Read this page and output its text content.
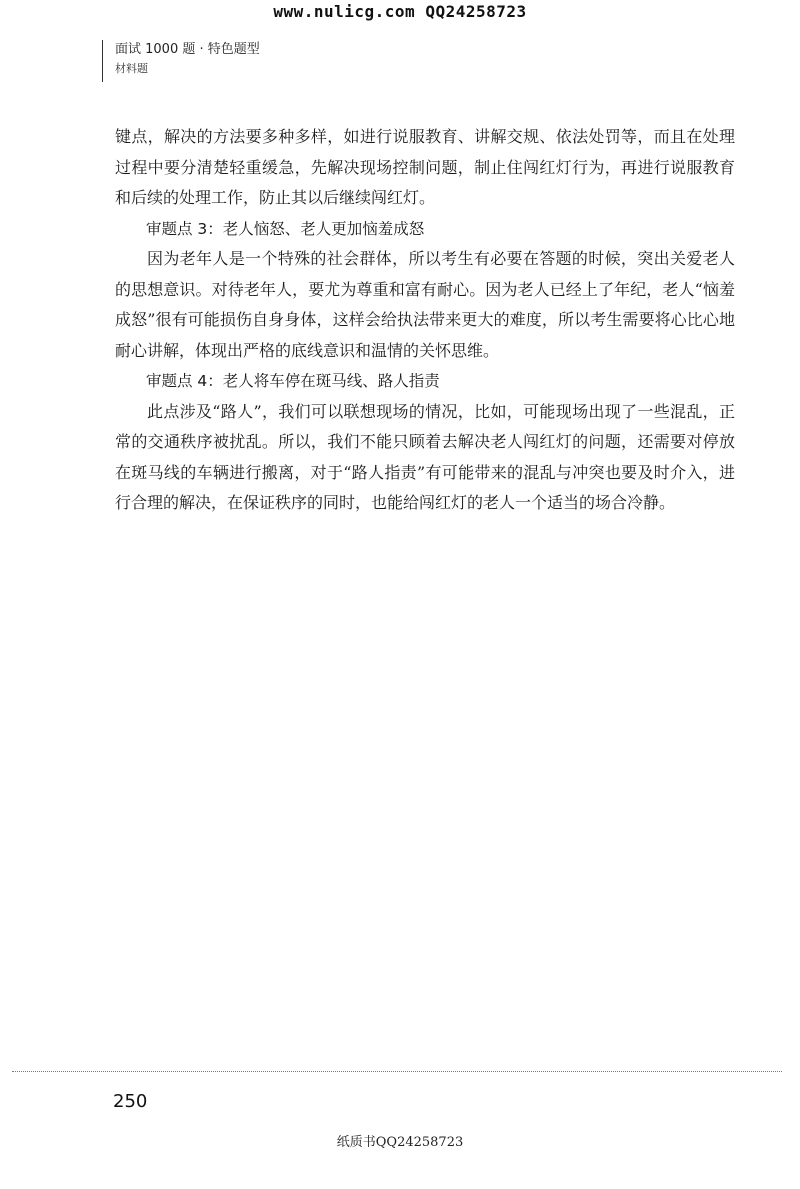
www.nulicg.com QQ24258723
面试 1000 题 · 特色题型
材料题

键点，解决的方法要多种多样，如进行说服教育、讲解交规、依法处罚等，而且在处理过程中要分清楚轻重缓急，先解决现场控制问题，制止住闯红灯行为，再进行说服教育和后续的处理工作，防止其以后继续闯红灯。

审题点 3：老人恼怒、老人更加恼羞成怒

因为老年人是一个特殊的社会群体，所以考生有必要在答题的时候，突出关爱老人的思想意识。对待老年人，要尤为尊重和富有耐心。因为老人已经上了年纪，老人“恼羞成怒”很有可能损伤自身身体，这样会给执法带来更大的难度，所以考生需要将心比心地耐心讲解，体现出严格的底线意识和温情的关怀思维。

审题点 4：老人将车停在斑马线、路人指责

此点涉及“路人”，我们可以联想现场的情况，比如，可能现场出现了一些混乱，正常的交通秩序被扰乱。所以，我们不能只顾着去解决老人闯红灯的问题，还需要对停放在斑马线的车辆进行搬离，对于“路人指责”有可能带来的混乱与冲突也要及时介入，进行合理的解决，在保证秩序的同时，也能给闯红灯的老人一个适当的场合冷静。

250
纸质书QQ24258723
